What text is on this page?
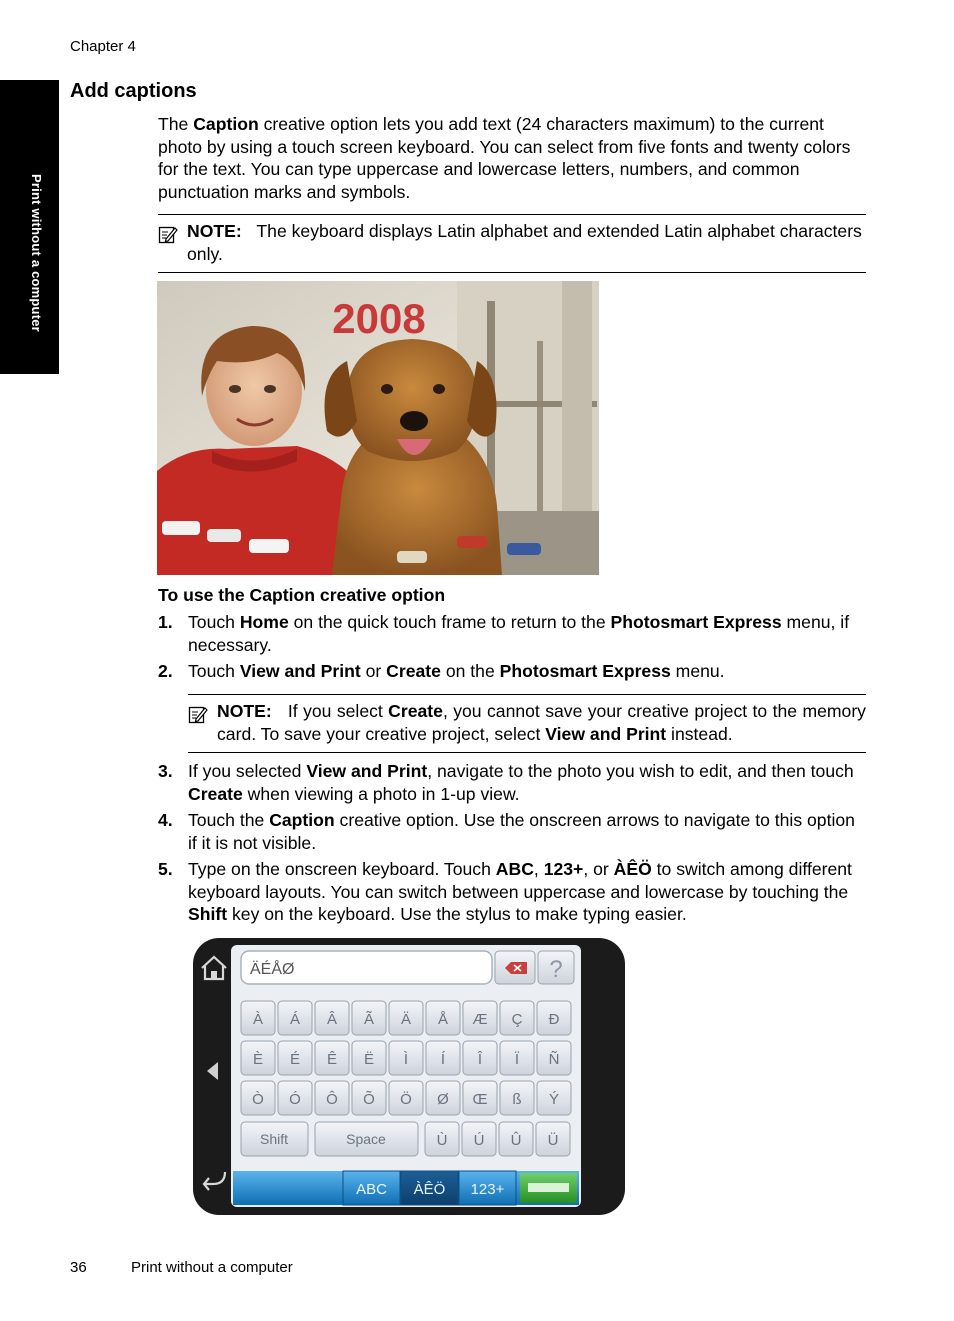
Chapter 4
Print without a computer
Add captions

The Caption creative option lets you add text (24 characters maximum) to the current photo by using a touch screen keyboard. You can select from five fonts and twenty colors for the text. You can type uppercase and lowercase letters, numbers, and common punctuation marks and symbols.

NOTE: The keyboard displays Latin alphabet and extended Latin alphabet characters only.

2008
To use the Caption creative option
1. Touch Home on the quick touch frame to return to the Photosmart Express menu, if necessary.
2. Touch View and Print or Create on the Photosmart Express menu.

NOTE: If you select Create, you cannot save your creative project to the memory card. To save your creative project, select View and Print instead.

3. If you selected View and Print, navigate to the photo you wish to edit, and then touch Create when viewing a photo in 1-up view.
4. Touch the Caption creative option. Use the onscreen arrows to navigate to this option if it is not visible.
5. Type on the onscreen keyboard. Touch ABC, 123+, or ÀÊÖ to switch among different keyboard layouts. You can switch between uppercase and lowercase by touching the Shift key on the keyboard. Use the stylus to make typing easier.
ÄÉÅØ	?
À Á Â Ã Ä Å Æ Ç Đ
È É Ê Ë Ì Í Î Ï Ñ
Ò Ó Ô Õ Ö Ø Œ ß Ý
Ù Ú Û Ü
Shift	Space
ABC ÀÊÖ 123+
36	Print without a computer
